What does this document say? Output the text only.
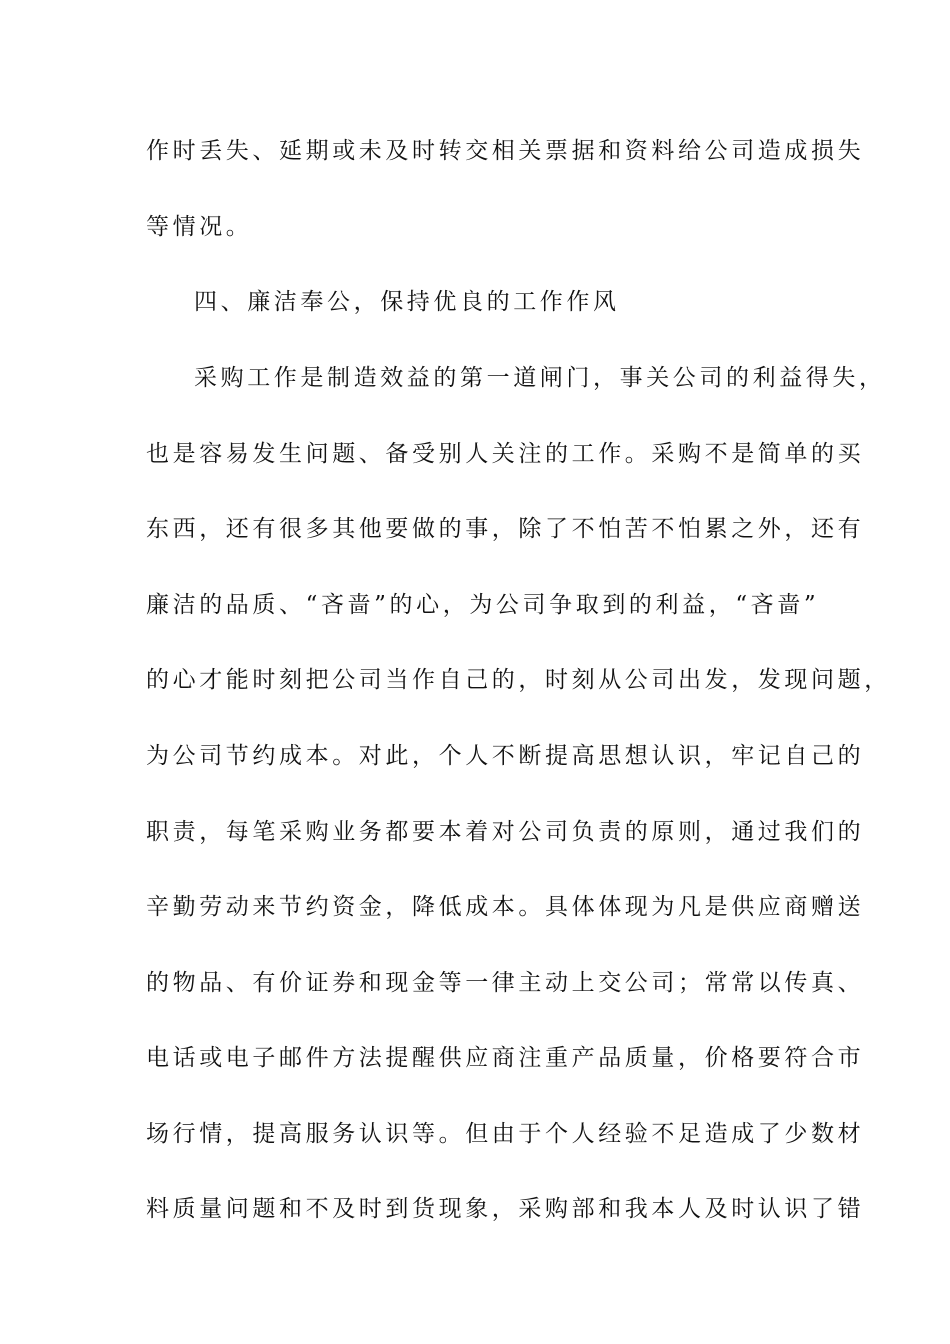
作时丢失、延期或未及时转交相关票据和资料给公司造成损失
等情况。
四、廉洁奉公，保持优良的工作作风
采购工作是制造效益的第一道闸门，事关公司的利益得失，
也是容易发生问题、备受别人关注的工作。采购不是简单的买
东西，还有很多其他要做的事，除了不怕苦不怕累之外，还有
廉洁的品质、“吝啬”的心，为公司争取到的利益，“吝啬”
的心才能时刻把公司当作自己的，时刻从公司出发，发现问题，
为公司节约成本。对此，个人不断提高思想认识，牢记自己的
职责，每笔采购业务都要本着对公司负责的原则，通过我们的
辛勤劳动来节约资金，降低成本。具体体现为凡是供应商赠送
的物品、有价证券和现金等一律主动上交公司；常常以传真、
电话或电子邮件方法提醒供应商注重产品质量，价格要符合市
场行情，提高服务认识等。但由于个人经验不足造成了少数材
料质量问题和不及时到货现象，采购部和我本人及时认识了错
